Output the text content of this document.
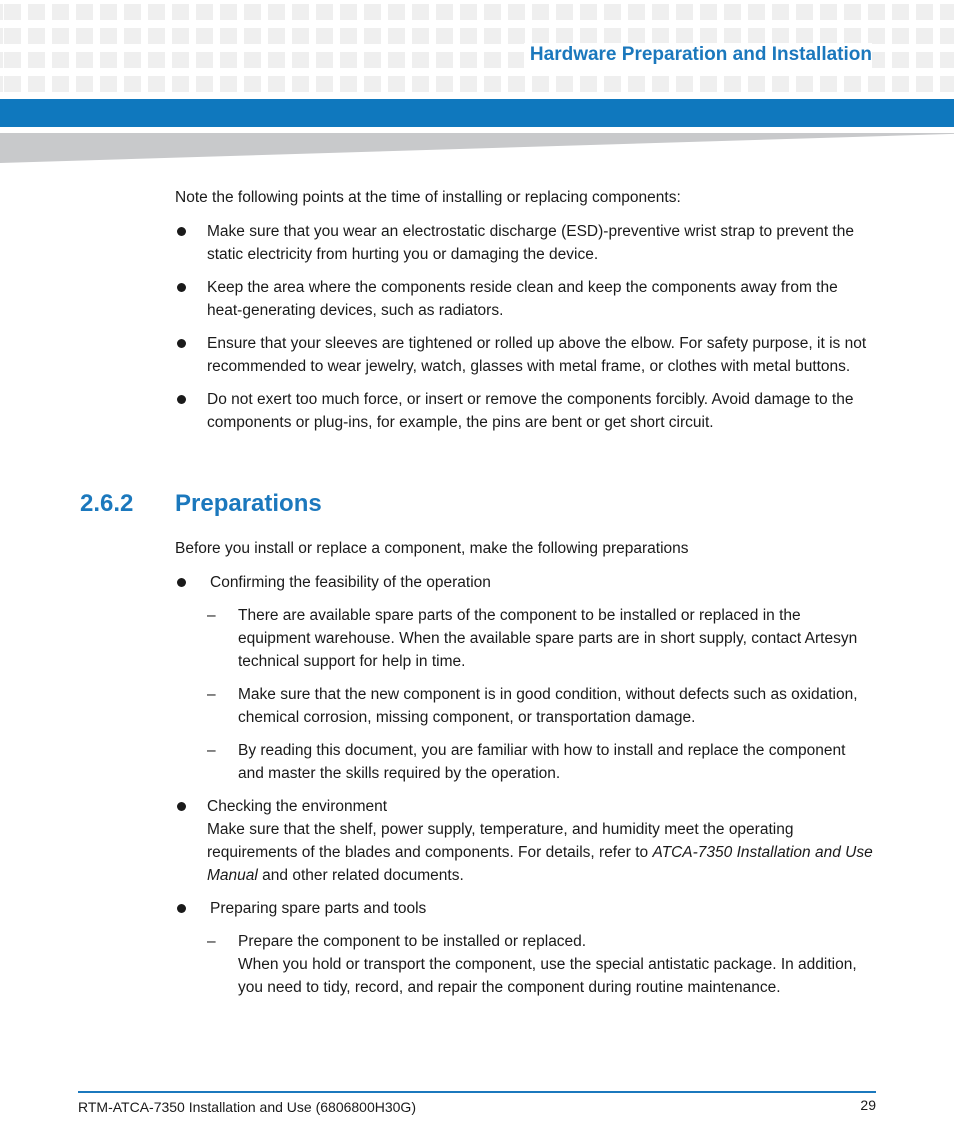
Hardware Preparation and Installation

Note the following points at the time of installing or replacing components:

Make sure that you wear an electrostatic discharge (ESD)-preventive wrist strap to prevent the static electricity from hurting you or damaging the device.
Keep the area where the components reside clean and keep the components away from the heat-generating devices, such as radiators.
Ensure that your sleeves are tightened or rolled up above the elbow. For safety purpose, it is not recommended to wear jewelry, watch, glasses with metal frame, or clothes with metal buttons.
Do not exert too much force, or insert or remove the components forcibly. Avoid damage to the components or plug-ins, for example, the pins are bent or get short circuit.
2.6.2 Preparations

Before you install or replace a component, make the following preparations

Confirming the feasibility of the operation
– There are available spare parts of the component to be installed or replaced in the equipment warehouse. When the available spare parts are in short supply, contact Artesyn technical support for help in time.
– Make sure that the new component is in good condition, without defects such as oxidation, chemical corrosion, missing component, or transportation damage.
– By reading this document, you are familiar with how to install and replace the component and master the skills required by the operation.
Checking the environment
Make sure that the shelf, power supply, temperature, and humidity meet the operating requirements of the blades and components. For details, refer to ATCA-7350 Installation and Use Manual and other related documents.
Preparing spare parts and tools
– Prepare the component to be installed or replaced.
When you hold or transport the component, use the special antistatic package. In addition, you need to tidy, record, and repair the component during routine maintenance.
RTM-ATCA-7350 Installation and Use (6806800H30G)	29
